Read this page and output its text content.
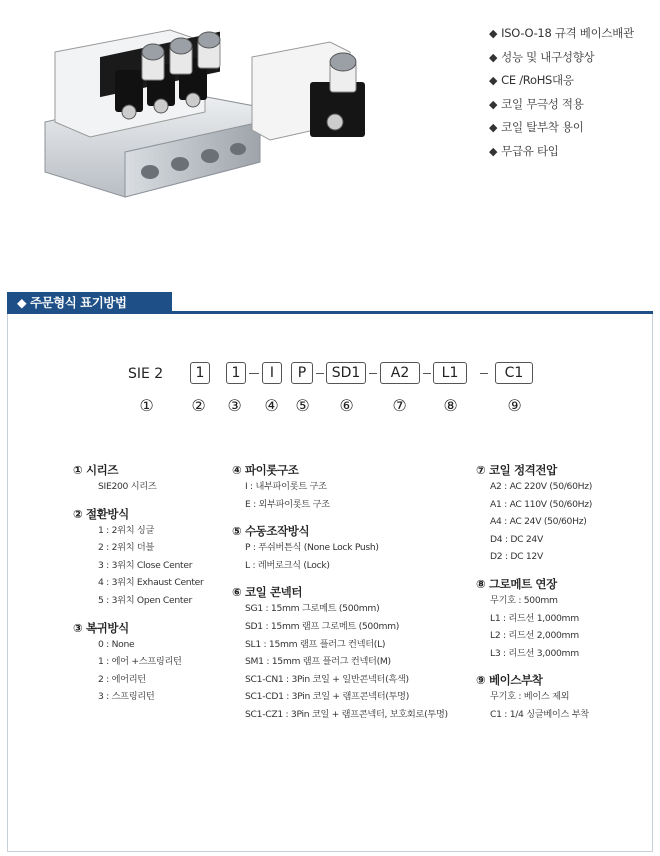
◆ ISO-O-18 규격 베이스배관
◆ 성능 및 내구성향상
◆ CE /RoHS대응
◆ 코일 무극성 적용
◆ 코일 탈부착 용이
◆ 무급유 타입
◆ 주문형식 표기방법
SIE 2	1	1	I	P	SD1	A2	L1	C1
① ② ③ ④ ⑤ ⑥ ⑦ ⑧	⑨

① 시리즈

SIE200 시리즈

② 절환방식

1 : 2위치 싱글
2 : 2위치 더블
3 : 3위치 Close Center
4 : 3위치 Exhaust Center
5 : 3위치 Open Center

③ 복귀방식

0 : None
1 : 에어 +스프링리턴
2 : 에어리턴
3 : 스프링리턴

④ 파이롯구조

I : 내부파이롯트 구조
E : 외부파이롯트 구조

⑤ 수동조작방식

P : 푸쉬버튼식 (None Lock Push)
L : 레버로크식 (Lock)

⑥ 코일 콘넥터

SG1 : 15mm 그로메트 (500mm)
SD1 : 15mm 램프 그로메트 (500mm)
SL1 : 15mm 램프 플러그 컨넥터(L)
SM1 : 15mm 램프 플러그 컨넥터(M)
SC1-CN1 : 3Pin 코일 + 일반콘넥터(흑색)
SC1-CD1 : 3Pin 코일 + 램프콘넥터(투명)
SC1-CZ1 : 3Pin 코일 + 램프콘넥터, 보호회로(투명)

⑦ 코일 정격전압

A2 : AC 220V (50/60Hz)
A1 : AC 110V (50/60Hz)
A4 : AC 24V (50/60Hz)
D4 : DC 24V
D2 : DC 12V

⑧ 그로메트 연장

무기호 : 500mm
L1 : 리드선 1,000mm
L2 : 리드선 2,000mm
L3 : 리드선 3,000mm

⑨ 베이스부착

무기호 : 베이스 제외
C1 : 1/4 싱글베이스 부착
